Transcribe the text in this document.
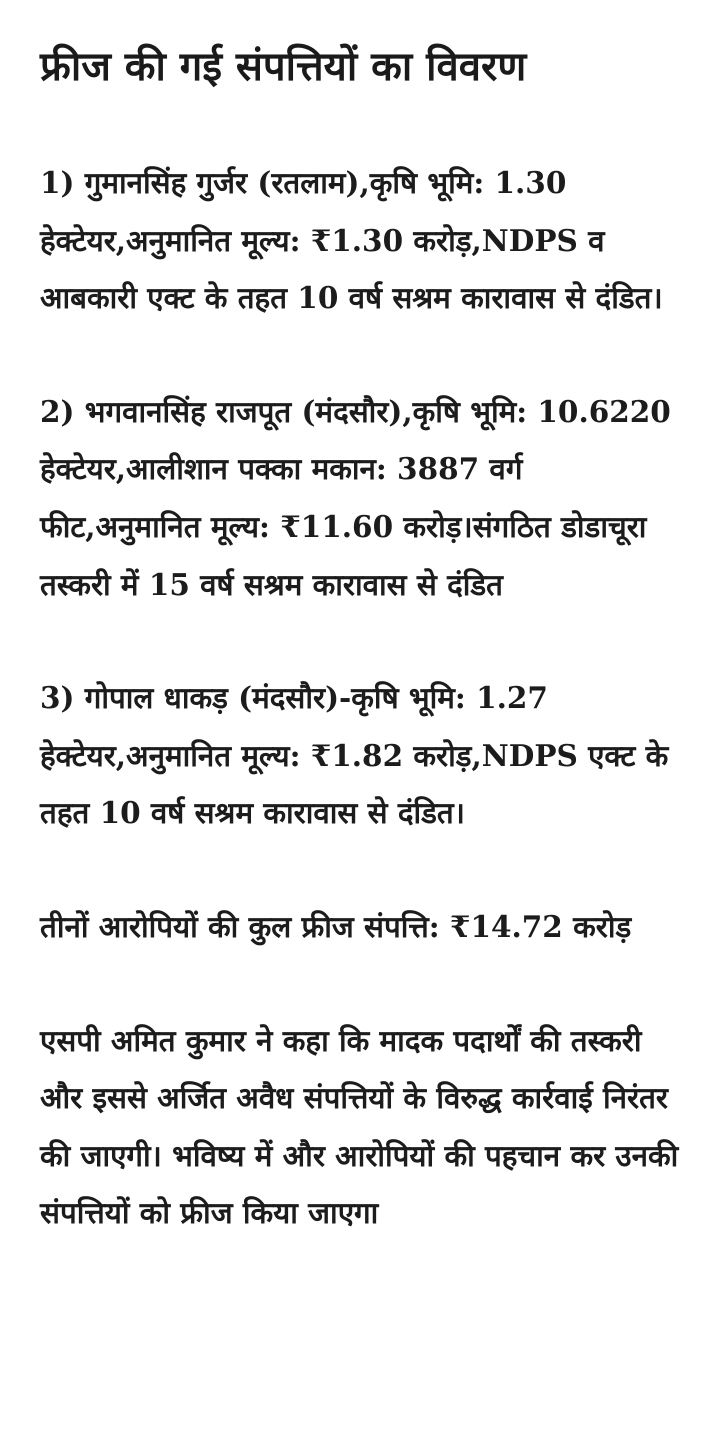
फ्रीज की गई संपत्तियों का विवरण

1) गुमानसिंह गुर्जर (रतलाम),कृषि भूमि: 1.30 हेक्टेयर,अनुमानित मूल्य: ₹1.30 करोड़,NDPS व आबकारी एक्ट के तहत 10 वर्ष सश्रम कारावास से दंडित।

2) भगवानसिंह राजपूत (मंदसौर),कृषि भूमि: 10.6220 हेक्टेयर,आलीशान पक्का मकान: 3887 वर्ग फीट,अनुमानित मूल्य: ₹11.60 करोड़।संगठित डोडाचूरा तस्करी में 15 वर्ष सश्रम कारावास से दंडित

3) गोपाल धाकड़ (मंदसौर)-कृषि भूमि: 1.27 हेक्टेयर,अनुमानित मूल्य: ₹1.82 करोड़,NDPS एक्ट के तहत 10 वर्ष सश्रम कारावास से दंडित।

तीनों आरोपियों की कुल फ्रीज संपत्ति: ₹14.72 करोड़

एसपी अमित कुमार ने कहा कि मादक पदार्थों की तस्करी और इससे अर्जित अवैध संपत्तियों के विरुद्ध कार्रवाई निरंतर की जाएगी। भविष्य में और आरोपियों की पहचान कर उनकी संपत्तियों को फ्रीज किया जाएगा
